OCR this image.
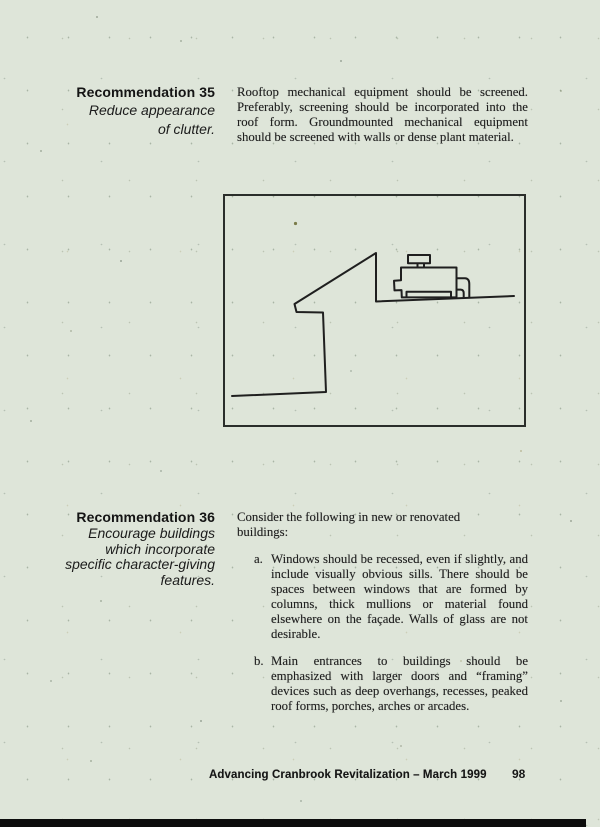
Recommendation 35
Reduce appearance
of clutter.
Rooftop mechanical equipment should be screened. Preferably, screening should be incorporated into the roof form. Groundmounted mechanical equipment should be screened with walls or dense plant material.
Recommendation 36
Encourage buildings
which incorporate
specific character-giving
features.
Consider the following in new or renovated buildings:
a. Windows should be recessed, even if slightly, and include visually obvious sills. There should be spaces between windows that are formed by columns, thick mullions or material found elsewhere on the façade. Walls of glass are not desirable.
b. Main entrances to buildings should be emphasized with larger doors and “framing” devices such as deep overhangs, recesses, peaked roof forms, porches, arches or arcades.
Advancing Cranbrook Revitalization – March 1999 98
